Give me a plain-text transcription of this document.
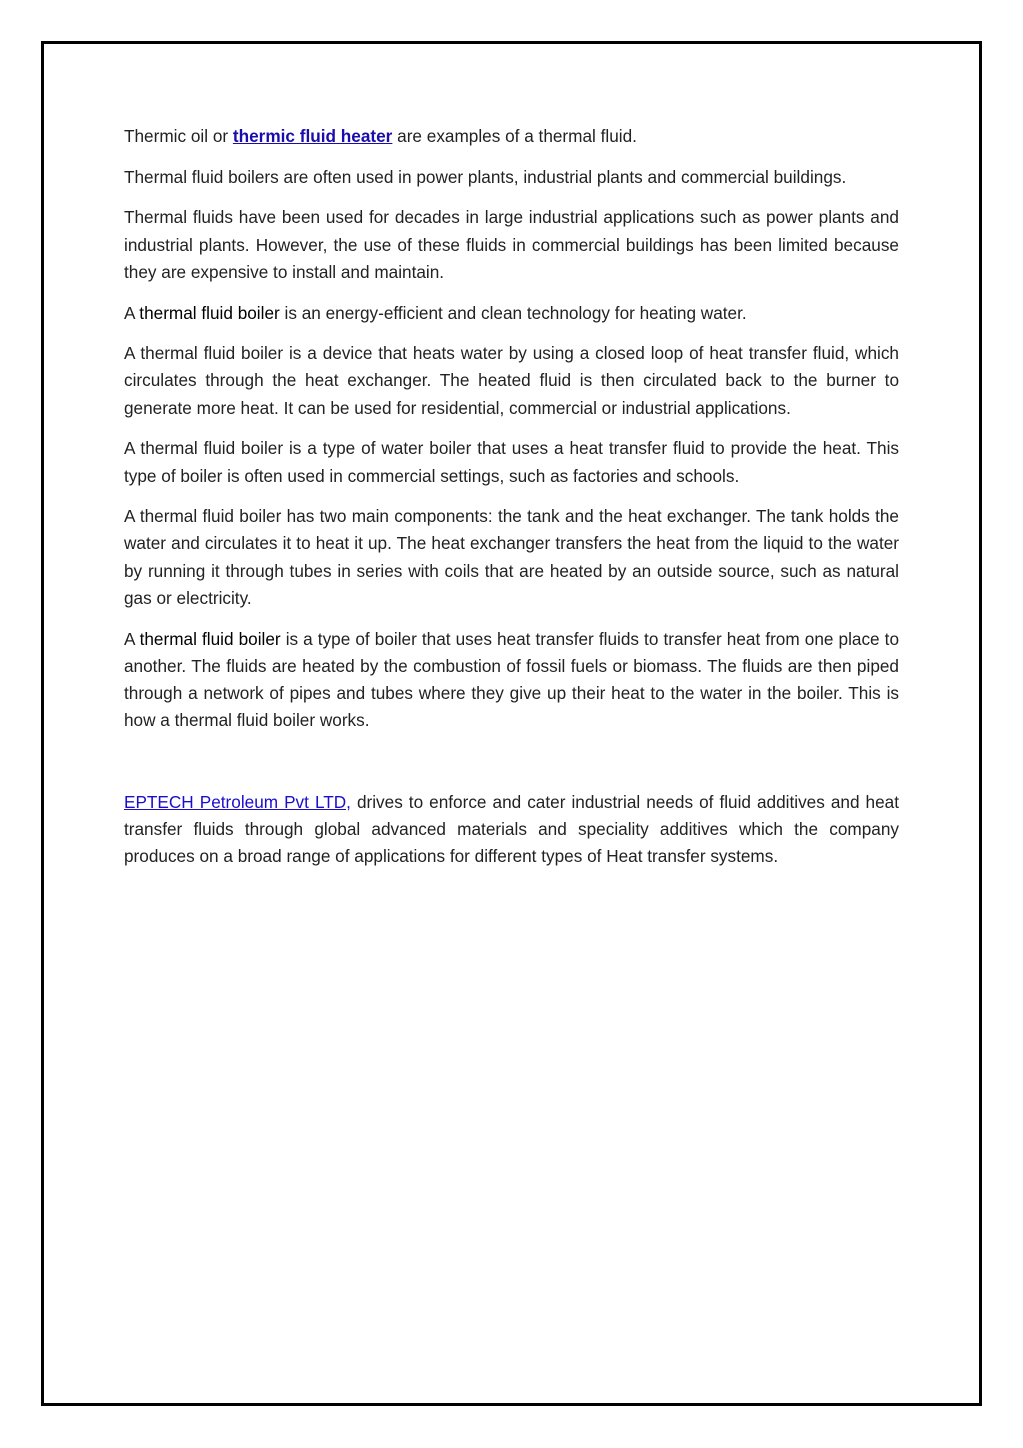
Thermic oil or thermic fluid heater are examples of a thermal fluid.

Thermal fluid boilers are often used in power plants, industrial plants and commercial buildings.

Thermal fluids have been used for decades in large industrial applications such as power plants and industrial plants. However, the use of these fluids in commercial buildings has been limited because they are expensive to install and maintain.

A thermal fluid boiler is an energy-efficient and clean technology for heating water.

A thermal fluid boiler is a device that heats water by using a closed loop of heat transfer fluid, which circulates through the heat exchanger. The heated fluid is then circulated back to the burner to generate more heat. It can be used for residential, commercial or industrial applications.

A thermal fluid boiler is a type of water boiler that uses a heat transfer fluid to provide the heat. This type of boiler is often used in commercial settings, such as factories and schools.

A thermal fluid boiler has two main components: the tank and the heat exchanger. The tank holds the water and circulates it to heat it up. The heat exchanger transfers the heat from the liquid to the water by running it through tubes in series with coils that are heated by an outside source, such as natural gas or electricity.

A thermal fluid boiler is a type of boiler that uses heat transfer fluids to transfer heat from one place to another. The fluids are heated by the combustion of fossil fuels or biomass. The fluids are then piped through a network of pipes and tubes where they give up their heat to the water in the boiler. This is how a thermal fluid boiler works.

EPTECH Petroleum Pvt LTD, drives to enforce and cater industrial needs of fluid additives and heat transfer fluids through global advanced materials and speciality additives which the company produces on a broad range of applications for different types of Heat transfer systems.
